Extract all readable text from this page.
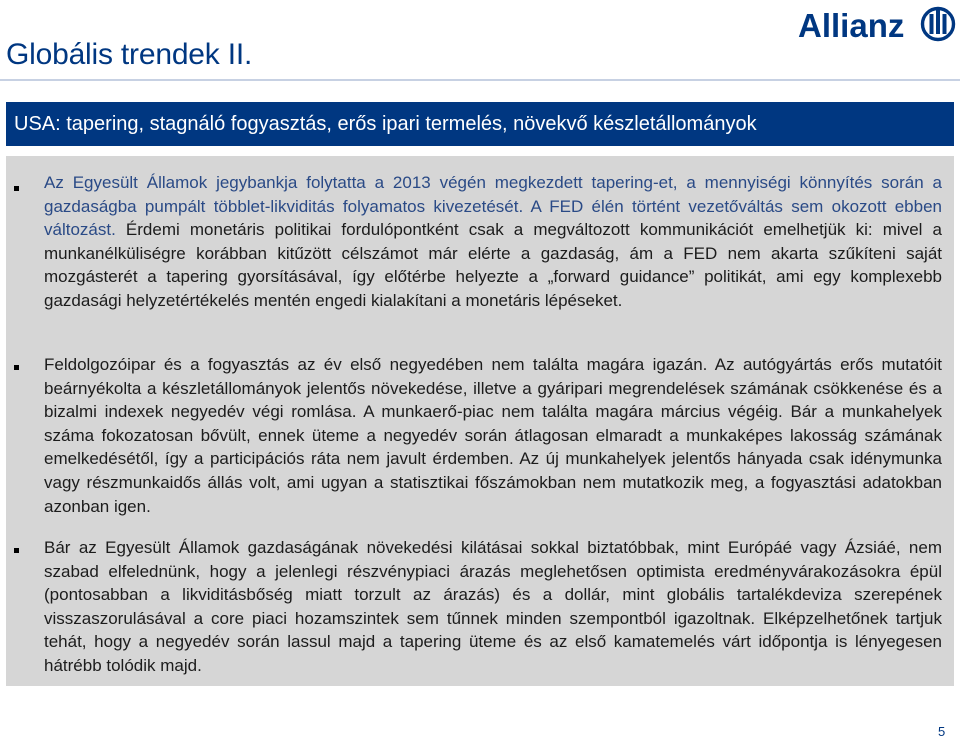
Globális trendek II.
Allianz
USA: tapering, stagnáló fogyasztás, erős ipari termelés, növekvő készletállományok

Az Egyesült Államok jegybankja folytatta a 2013 végén megkezdett tapering-et, a mennyiségi könnyítés során a gazdaságba pumpált többlet-likviditás folyamatos kivezetését. A FED élén történt vezetőváltás sem okozott ebben változást. Érdemi monetáris politikai fordulópontként csak a megváltozott kommunikációt emelhetjük ki: mivel a munkanélküliségre korábban kitűzött célszámot már elérte a gazdaság, ám a FED nem akarta szűkíteni saját mozgásterét a tapering gyorsításával, így előtérbe helyezte a „forward guidance” politikát, ami egy komplexebb gazdasági helyzetértékelés mentén engedi kialakítani a monetáris lépéseket.

Feldolgozóipar és a fogyasztás az év első negyedében nem találta magára igazán. Az autógyártás erős mutatóit beárnyékolta a készletállományok jelentős növekedése, illetve a gyáripari megrendelések számának csökkenése és a bizalmi indexek negyedév végi romlása. A munkaerő-piac nem találta magára március végéig. Bár a munkahelyek száma fokozatosan bővült, ennek üteme a negyedév során átlagosan elmaradt a munkaképes lakosság számának emelkedésétől, így a participációs ráta nem javult érdemben. Az új munkahelyek jelentős hányada csak idénymunka vagy részmunkaidős állás volt, ami ugyan a statisztikai főszámokban nem mutatkozik meg, a fogyasztási adatokban azonban igen.

Bár az Egyesült Államok gazdaságának növekedési kilátásai sokkal biztatóbbak, mint Európáé vagy Ázsiáé, nem szabad elfelednünk, hogy a jelenlegi részvénypiaci árazás meglehetősen optimista eredményvárakozásokra épül (pontosabban a likviditásbőség miatt torzult az árazás) és a dollár, mint globális tartalékdeviza szerepének visszaszorulásával a core piaci hozamszintek sem tűnnek minden szempontból igazoltnak. Elképzelhetőnek tartjuk tehát, hogy a negyedév során lassul majd a tapering üteme és az első kamatemelés várt időpontja is lényegesen hátrébb tolódik majd.

5
